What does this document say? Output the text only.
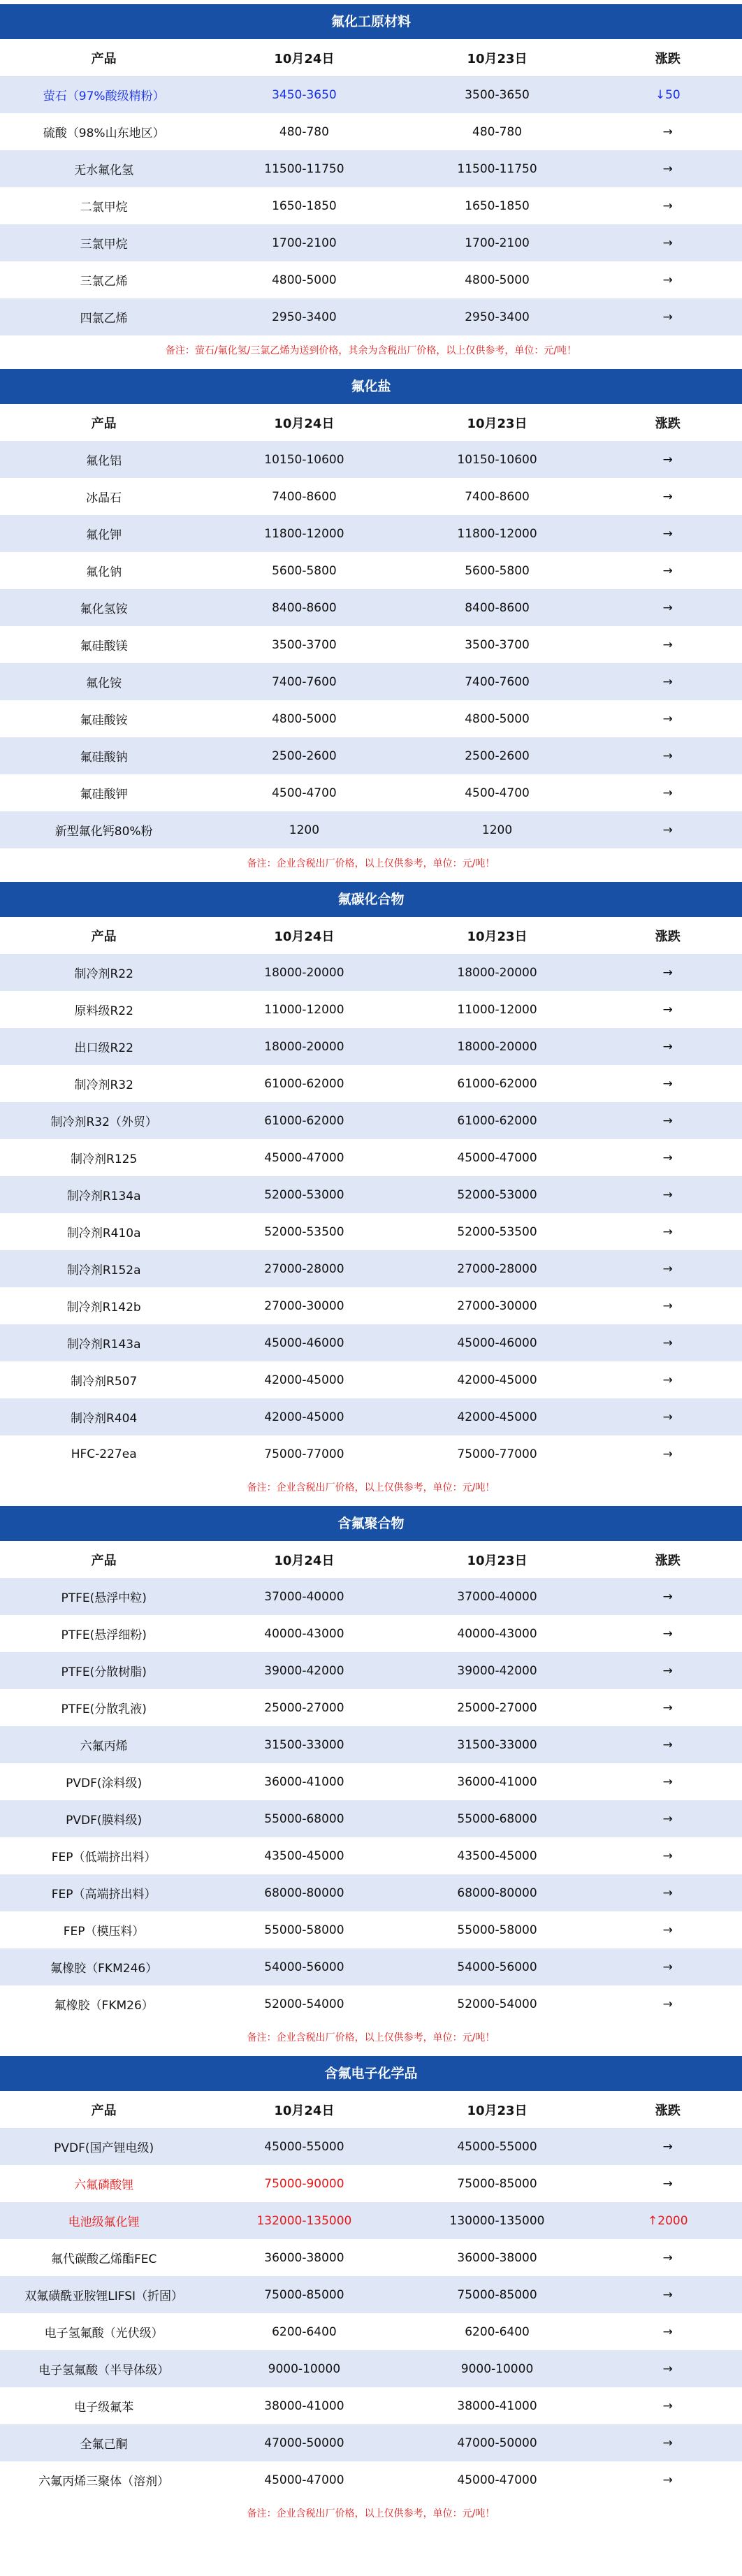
氟化工原材料
产品	10月24日	10月23日	涨跌
萤石（97%酸级精粉）	3450-3650	3500-3650	↓50
硫酸（98%山东地区）	480-780	480-780	→
无水氟化氢	11500-11750	11500-11750	→
二氯甲烷	1650-1850	1650-1850	→
三氯甲烷	1700-2100	1700-2100	→
三氯乙烯	4800-5000	4800-5000	→
四氯乙烯	2950-3400	2950-3400	→
备注：萤石/氟化氢/三氯乙烯为送到价格，其余为含税出厂价格，以上仅供参考，单位：元/吨！
氟化盐
产品	10月24日	10月23日	涨跌
氟化铝	10150-10600	10150-10600	→
冰晶石	7400-8600	7400-8600	→
氟化钾	11800-12000	11800-12000	→
氟化钠	5600-5800	5600-5800	→
氟化氢铵	8400-8600	8400-8600	→
氟硅酸镁	3500-3700	3500-3700	→
氟化铵	7400-7600	7400-7600	→
氟硅酸铵	4800-5000	4800-5000	→
氟硅酸钠	2500-2600	2500-2600	→
氟硅酸钾	4500-4700	4500-4700	→
新型氟化钙80%粉	1200	1200	→
备注：企业含税出厂价格，以上仅供参考，单位：元/吨！
氟碳化合物
产品	10月24日	10月23日	涨跌
制冷剂R22	18000-20000	18000-20000	→
原料级R22	11000-12000	11000-12000	→
出口级R22	18000-20000	18000-20000	→
制冷剂R32	61000-62000	61000-62000	→
制冷剂R32（外贸）	61000-62000	61000-62000	→
制冷剂R125	45000-47000	45000-47000	→
制冷剂R134a	52000-53000	52000-53000	→
制冷剂R410a	52000-53500	52000-53500	→
制冷剂R152a	27000-28000	27000-28000	→
制冷剂R142b	27000-30000	27000-30000	→
制冷剂R143a	45000-46000	45000-46000	→
制冷剂R507	42000-45000	42000-45000	→
制冷剂R404	42000-45000	42000-45000	→
HFC-227ea	75000-77000	75000-77000	→
备注：企业含税出厂价格，以上仅供参考，单位：元/吨！
含氟聚合物
产品	10月24日	10月23日	涨跌
PTFE(悬浮中粒)	37000-40000	37000-40000	→
PTFE(悬浮细粉)	40000-43000	40000-43000	→
PTFE(分散树脂)	39000-42000	39000-42000	→
PTFE(分散乳液)	25000-27000	25000-27000	→
六氟丙烯	31500-33000	31500-33000	→
PVDF(涂料级)	36000-41000	36000-41000	→
PVDF(膜料级)	55000-68000	55000-68000	→
FEP（低端挤出料）	43500-45000	43500-45000	→
FEP（高端挤出料）	68000-80000	68000-80000	→
FEP（模压料）	55000-58000	55000-58000	→
氟橡胶（FKM246）	54000-56000	54000-56000	→
氟橡胶（FKM26）	52000-54000	52000-54000	→
备注：企业含税出厂价格，以上仅供参考，单位：元/吨！
含氟电子化学品
产品	10月24日	10月23日	涨跌
PVDF(国产锂电级)	45000-55000	45000-55000	→
六氟磷酸锂	75000-90000	75000-85000	→
电池级氟化锂	132000-135000	130000-135000	↑2000
氟代碳酸乙烯酯FEC	36000-38000	36000-38000	→
双氟磺酰亚胺锂LIFSI（折固）	75000-85000	75000-85000	→
电子氢氟酸（光伏级）	6200-6400	6200-6400	→
电子氢氟酸（半导体级）	9000-10000	9000-10000	→
电子级氟苯	38000-41000	38000-41000	→
全氟己酮	47000-50000	47000-50000	→
六氟丙烯三聚体（溶剂）	45000-47000	45000-47000	→
备注：企业含税出厂价格，以上仅供参考，单位：元/吨！
